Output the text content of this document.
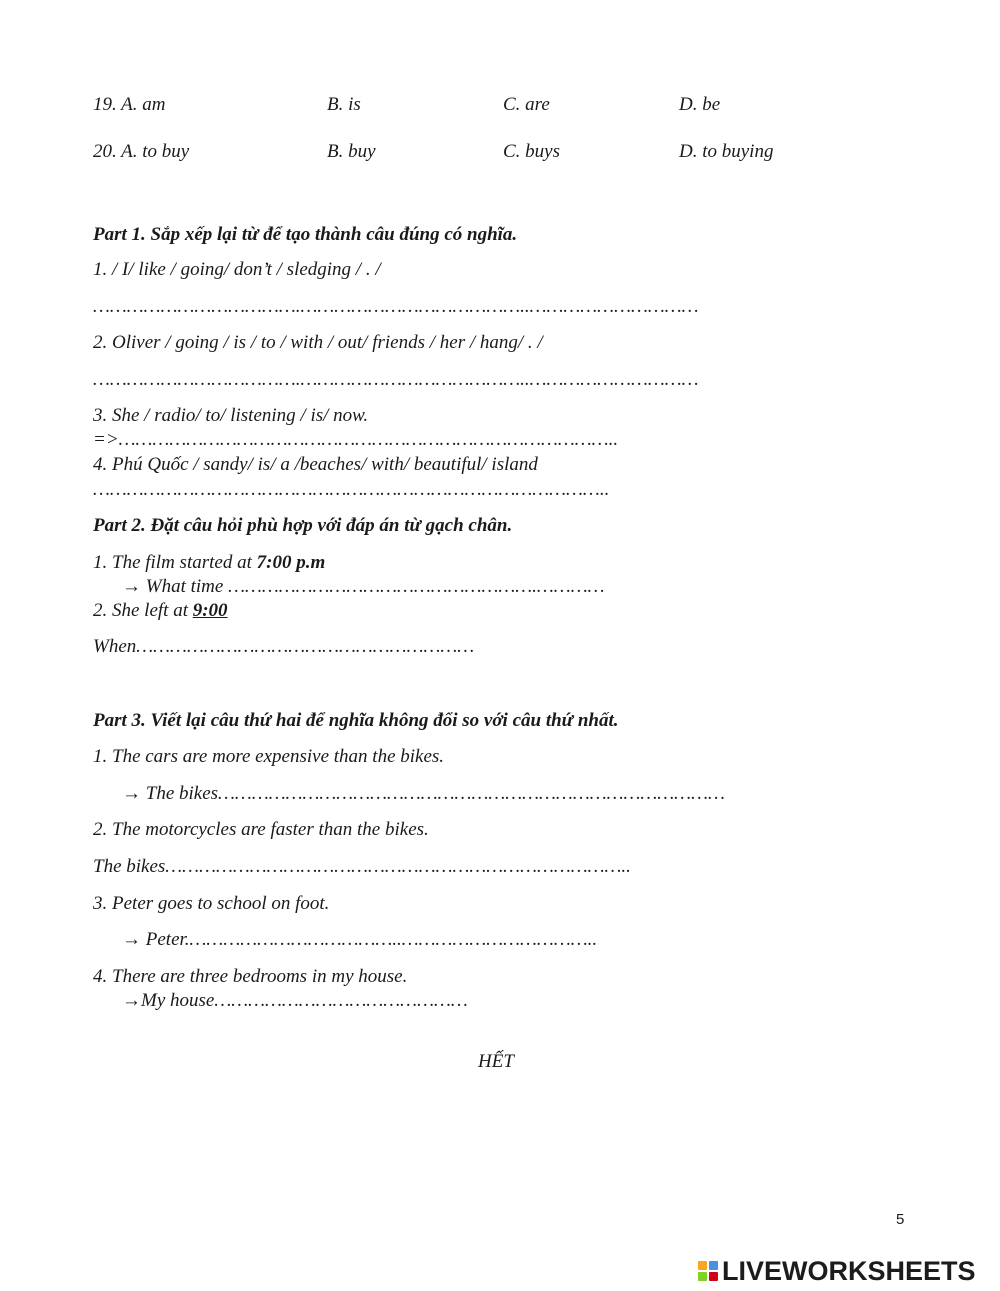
19. A. am	B. is	C. are	D. be
20. A. to buy	B. buy	C. buys	D. to buying
Part 1. Sắp xếp lại từ để tạo thành câu đúng có nghĩa.
1. / I/ like / going/ don’t / sledging / . /
……………………………….…………………………………..…………………………
2. Oliver / going / is / to / with / out/ friends / her / hang/ . /
……………………………….…………………………………..…………………………
3. She / radio/ to/ listening / is/ now.
=>……………………………………………………………………………..
4. Phú Quốc / sandy/ is/ a /beaches/ with/ beautiful/ island
………………………………………………………………………………..
Part 2. Đặt câu hỏi phù hợp với đáp án từ gạch chân.
1. The film started at 7:00 p.m
→ What time ……………………………………………….…………
2. She left at 9:00
When……………………………………………………
Part 3. Viết lại câu thứ hai để nghĩa không đổi so với câu thứ nhất.
1. The cars are more expensive than the bikes.
→ The bikes………………………………………………………………………………
2. The motorcycles are faster than the bikes.
The bikes………………………………………………………………………..
3. Peter goes to school on foot.
→ Peter.………………………………..……………………………..
4. There are three bedrooms in my house.
→My house………………………………………
HẾT
5
LIVEWORKSHEETS
